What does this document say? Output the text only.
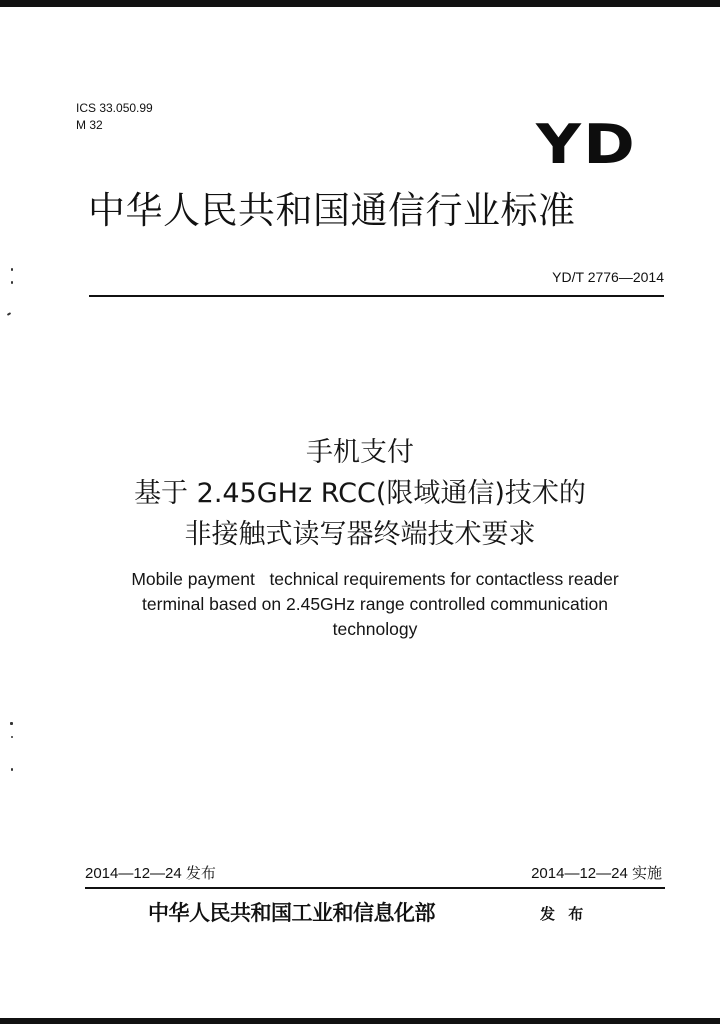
ICS 33.050.99
M 32	YD
中华人民共和国通信行业标准
YD/T 2776—2014
手机支付
基于 2.45GHz RCC(限域通信)技术的
非接触式读写器终端技术要求
Mobile payment   technical requirements for contactless reader
terminal based on 2.45GHz range controlled communication
technology
2014—12—24 发布	2014—12—24 实施
中华人民共和国工业和信息化部	发 布
